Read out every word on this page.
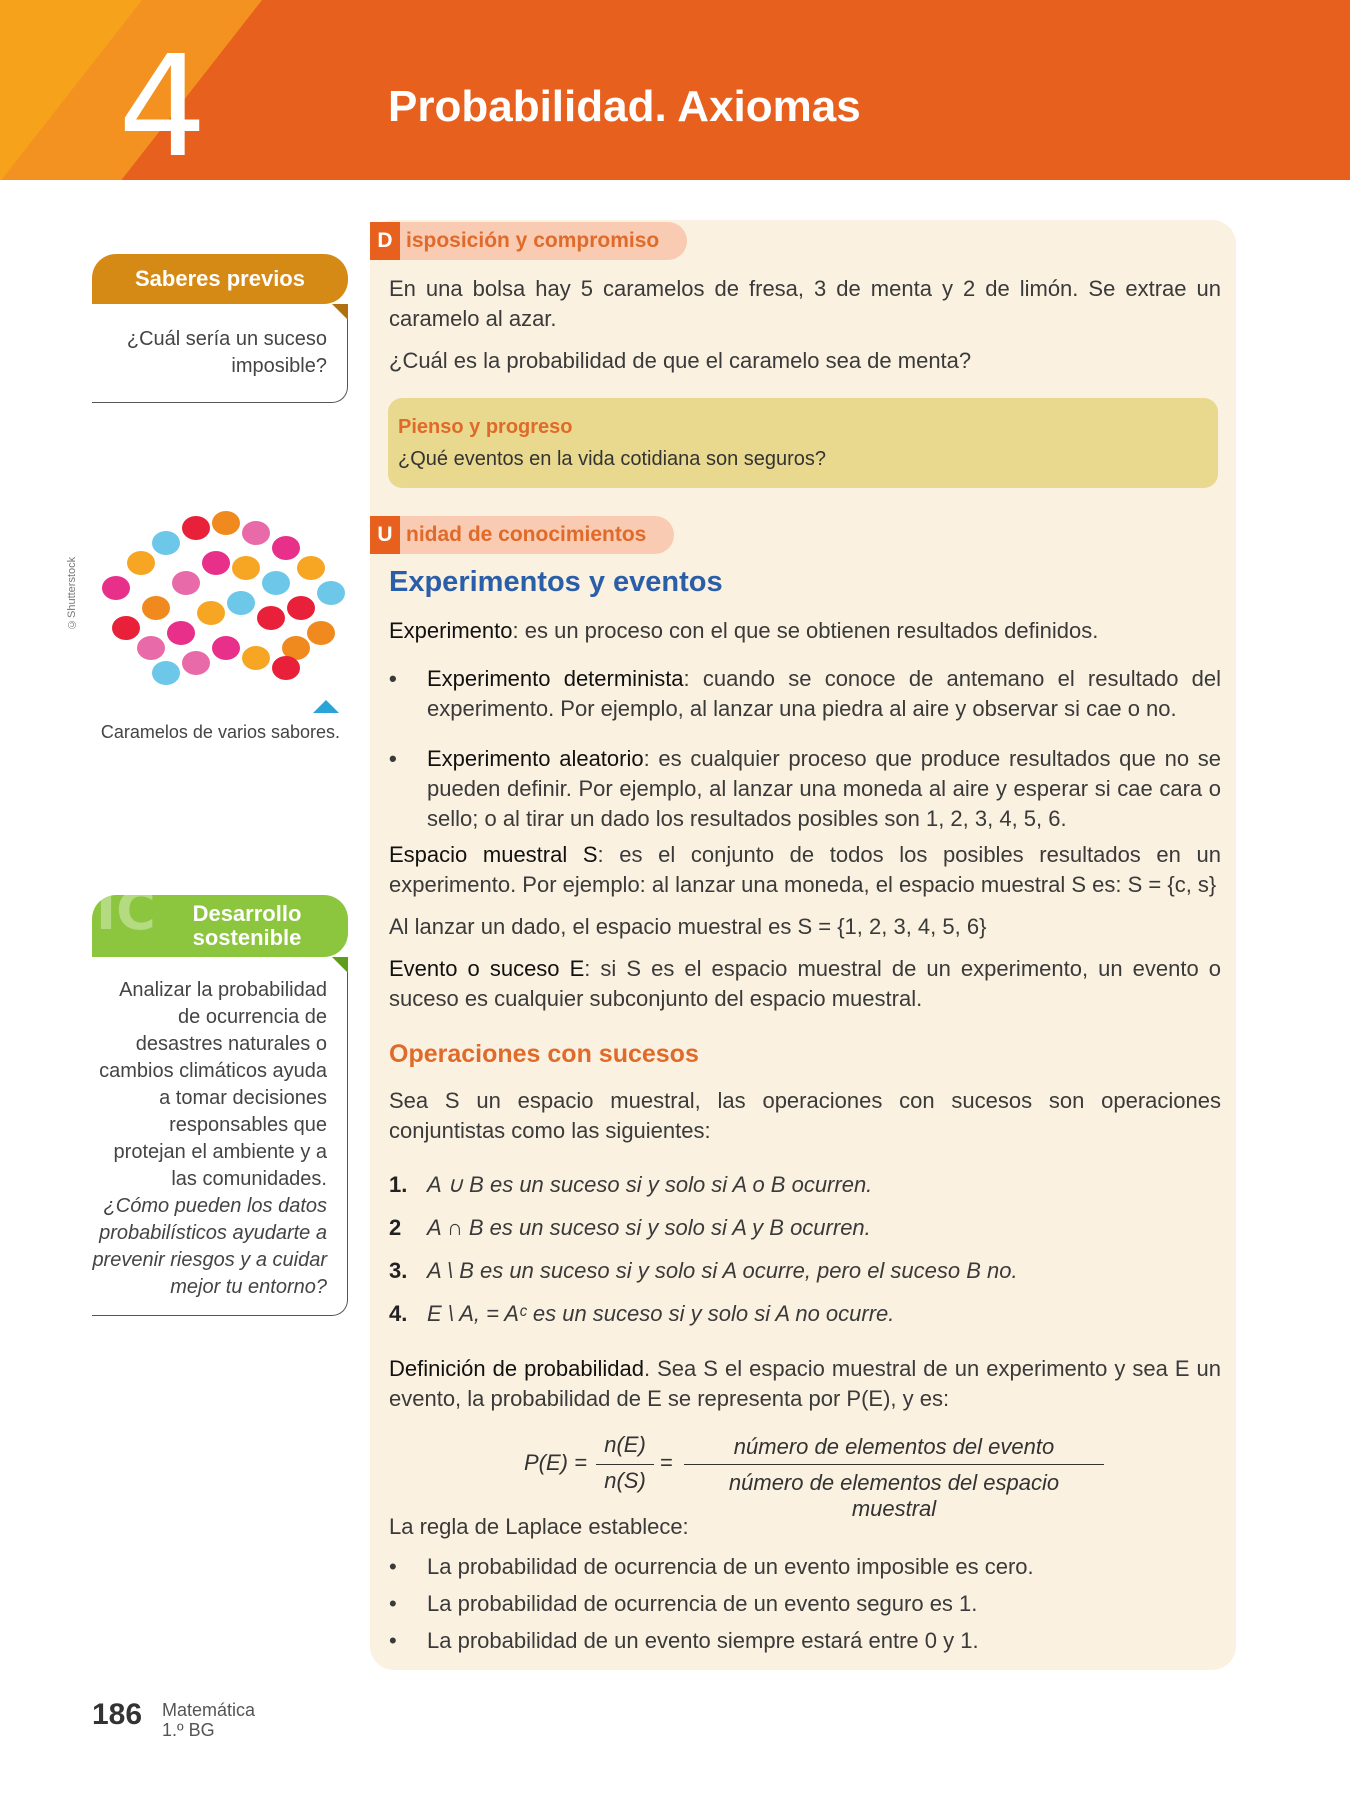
4	Probabilidad. Axiomas
Saberes previos
¿Cuál sería un suceso imposible?
©Shutterstock
Caramelos de varios sabores.
IC Desarrollo sostenible
Analizar la probabilidad de ocurrencia de desastres naturales o cambios climáticos ayuda a tomar decisiones responsables que protejan el ambiente y a las comunidades.
¿Cómo pueden los datos probabilísticos ayudarte a prevenir riesgos y a cuidar mejor tu entorno?
D isposición y compromiso
En una bolsa hay 5 caramelos de fresa, 3 de menta y 2 de limón. Se extrae un caramelo al azar.
¿Cuál es la probabilidad de que el caramelo sea de menta?
Pienso y progreso
¿Qué eventos en la vida cotidiana son seguros?
U nidad de conocimientos
Experimentos y eventos
Experimento: es un proceso con el que se obtienen resultados definidos.
• Experimento determinista: cuando se conoce de antemano el resultado del experimento. Por ejemplo, al lanzar una piedra al aire y observar si cae o no.
• Experimento aleatorio: es cualquier proceso que produce resultados que no se pueden definir. Por ejemplo, al lanzar una moneda al aire y esperar si cae cara o sello; o al tirar un dado los resultados posibles son 1, 2, 3, 4, 5, 6.
Espacio muestral S: es el conjunto de todos los posibles resultados en un experimento. Por ejemplo: al lanzar una moneda, el espacio muestral S es: S = {c, s}
Al lanzar un dado, el espacio muestral es S = {1, 2, 3, 4, 5, 6}
Evento o suceso E: si S es el espacio muestral de un experimento, un evento o suceso es cualquier subconjunto del espacio muestral.
Operaciones con sucesos
Sea S un espacio muestral, las operaciones con sucesos son operaciones conjuntistas como las siguientes:
1. A ∪ B es un suceso si y solo si A o B ocurren.
2 A ∩ B es un suceso si y solo si A y B ocurren.
3. A \ B es un suceso si y solo si A ocurre, pero el suceso B no.
4. E \ A, = Aᶜ es un suceso si y solo si A no ocurre.
Definición de probabilidad. Sea S el espacio muestral de un experimento y sea E un evento, la probabilidad de E se representa por P(E), y es:
P(E) =
n(E)
n(S)
=
número de elementos del evento
número de elementos del espacio muestral
La regla de Laplace establece:
• La probabilidad de ocurrencia de un evento imposible es cero.
• La probabilidad de ocurrencia de un evento seguro es 1.
• La probabilidad de un evento siempre estará entre 0 y 1.
186 Matemática
1.º BG
